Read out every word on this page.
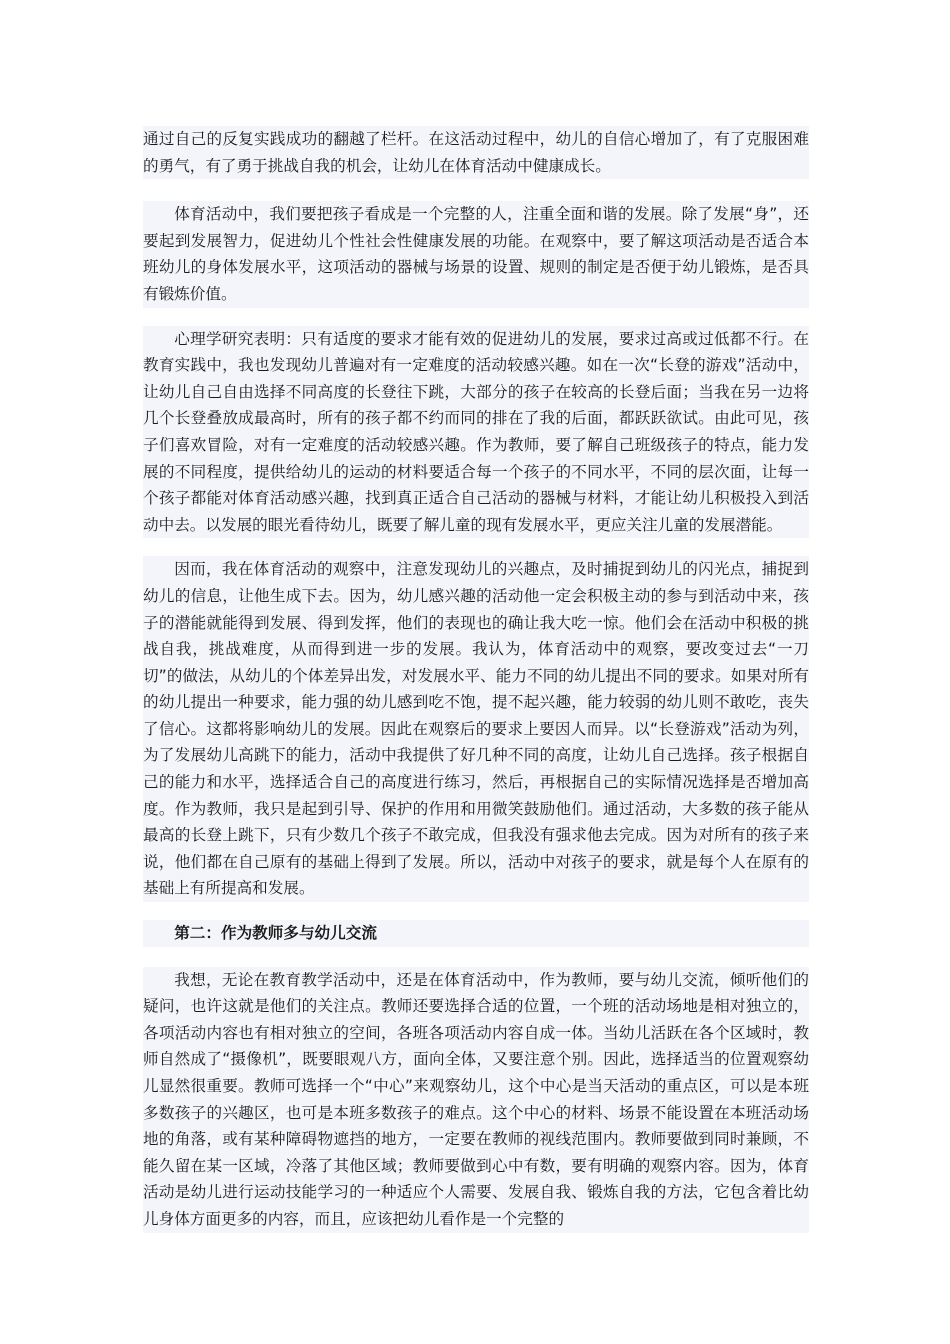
通过自己的反复实践成功的翻越了栏杆。在这活动过程中，幼儿的自信心增加了，有了克服困难的勇气，有了勇于挑战自我的机会，让幼儿在体育活动中健康成长。

体育活动中，我们要把孩子看成是一个完整的人，注重全面和谐的发展。除了发展“身”，还要起到发展智力，促进幼儿个性社会性健康发展的功能。在观察中，要了解这项活动是否适合本班幼儿的身体发展水平，这项活动的器械与场景的设置、规则的制定是否便于幼儿锻炼，是否具有锻炼价值。

心理学研究表明：只有适度的要求才能有效的促进幼儿的发展，要求过高或过低都不行。在教育实践中，我也发现幼儿普遍对有一定难度的活动较感兴趣。如在一次“长登的游戏”活动中，让幼儿自己自由选择不同高度的长登往下跳，大部分的孩子在较高的长登后面；当我在另一边将几个长登叠放成最高时，所有的孩子都不约而同的排在了我的后面，都跃跃欲试。由此可见，孩子们喜欢冒险，对有一定难度的活动较感兴趣。作为教师，要了解自己班级孩子的特点，能力发展的不同程度，提供给幼儿的运动的材料要适合每一个孩子的不同水平，不同的层次面，让每一个孩子都能对体育活动感兴趣，找到真正适合自己活动的器械与材料，才能让幼儿积极投入到活动中去。以发展的眼光看待幼儿，既要了解儿童的现有发展水平，更应关注儿童的发展潜能。

因而，我在体育活动的观察中，注意发现幼儿的兴趣点，及时捕捉到幼儿的闪光点，捕捉到幼儿的信息，让他生成下去。因为，幼儿感兴趣的活动他一定会积极主动的参与到活动中来，孩子的潜能就能得到发展、得到发挥，他们的表现也的确让我大吃一惊。他们会在活动中积极的挑战自我，挑战难度，从而得到进一步的发展。我认为，体育活动中的观察，要改变过去“一刀切”的做法，从幼儿的个体差异出发，对发展水平、能力不同的幼儿提出不同的要求。如果对所有的幼儿提出一种要求，能力强的幼儿感到吃不饱，提不起兴趣，能力较弱的幼儿则不敢吃，丧失了信心。这都将影响幼儿的发展。因此在观察后的要求上要因人而异。以“长登游戏”活动为列，为了发展幼儿高跳下的能力，活动中我提供了好几种不同的高度，让幼儿自己选择。孩子根据自己的能力和水平，选择适合自己的高度进行练习，然后，再根据自己的实际情况选择是否增加高度。作为教师，我只是起到引导、保护的作用和用微笑鼓励他们。通过活动，大多数的孩子能从最高的长登上跳下，只有少数几个孩子不敢完成，但我没有强求他去完成。因为对所有的孩子来说，他们都在自己原有的基础上得到了发展。所以，活动中对孩子的要求，就是每个人在原有的基础上有所提高和发展。

第二：作为教师多与幼儿交流

我想，无论在教育教学活动中，还是在体育活动中，作为教师，要与幼儿交流，倾听他们的疑问，也许这就是他们的关注点。教师还要选择合适的位置，一个班的活动场地是相对独立的，各项活动内容也有相对独立的空间，各班各项活动内容自成一体。当幼儿活跃在各个区域时，教师自然成了“摄像机”，既要眼观八方，面向全体，又要注意个别。因此，选择适当的位置观察幼儿显然很重要。教师可选择一个“中心”来观察幼儿，这个中心是当天活动的重点区，可以是本班多数孩子的兴趣区，也可是本班多数孩子的难点。这个中心的材料、场景不能设置在本班活动场地的角落，或有某种障碍物遮挡的地方，一定要在教师的视线范围内。教师要做到同时兼顾，不能久留在某一区域，冷落了其他区域；教师要做到心中有数，要有明确的观察内容。因为，体育活动是幼儿进行运动技能学习的一种适应个人需要、发展自我、锻炼自我的方法，它包含着比幼儿身体方面更多的内容，而且，应该把幼儿看作是一个完整的
